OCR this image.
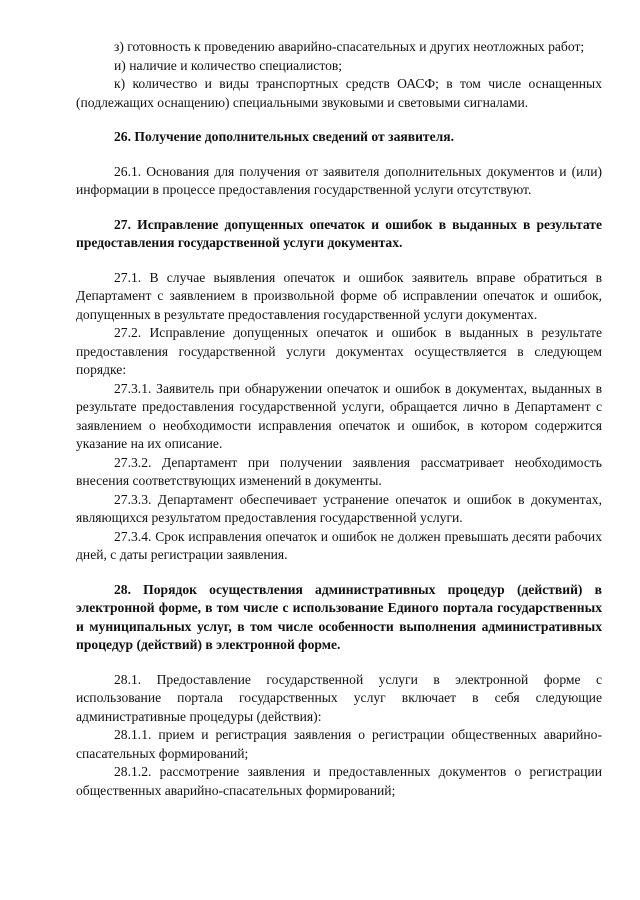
з) готовность к проведению аварийно-спасательных и других неотложных работ;

и) наличие и количество специалистов;

к) количество и виды транспортных средств ОАСФ; в том числе оснащенных (подлежащих оснащению) специальными звуковыми и световыми сигналами.

26. Получение дополнительных сведений от заявителя.

26.1. Основания для получения от заявителя дополнительных документов и (или) информации в процессе предоставления государственной услуги отсутствуют.

27. Исправление допущенных опечаток и ошибок в выданных в результате предоставления государственной услуги документах.

27.1. В случае выявления опечаток и ошибок заявитель вправе обратиться в Департамент с заявлением в произвольной форме об исправлении опечаток и ошибок, допущенных в результате предоставления государственной услуги документах.

27.2. Исправление допущенных опечаток и ошибок в выданных в результате предоставления государственной услуги документах осуществляется в следующем порядке:

27.3.1. Заявитель при обнаружении опечаток и ошибок в документах, выданных в результате предоставления государственной услуги, обращается лично в Департамент с заявлением о необходимости исправления опечаток и ошибок, в котором содержится указание на их описание.

27.3.2. Департамент при получении заявления рассматривает необходимость внесения соответствующих изменений в документы.

27.3.3. Департамент обеспечивает устранение опечаток и ошибок в документах, являющихся результатом предоставления государственной услуги.

27.3.4. Срок исправления опечаток и ошибок не должен превышать десяти рабочих дней, с даты регистрации заявления.

28. Порядок осуществления административных процедур (действий) в электронной форме, в том числе с использование Единого портала государственных и муниципальных услуг, в том числе особенности выполнения административных процедур (действий) в электронной форме.

28.1. Предоставление государственной услуги в электронной форме с использование портала государственных услуг включает в себя следующие административные процедуры (действия):

28.1.1. прием и регистрация заявления о регистрации общественных аварийно-спасательных формирований;

28.1.2. рассмотрение заявления и предоставленных документов о регистрации общественных аварийно-спасательных формирований;
